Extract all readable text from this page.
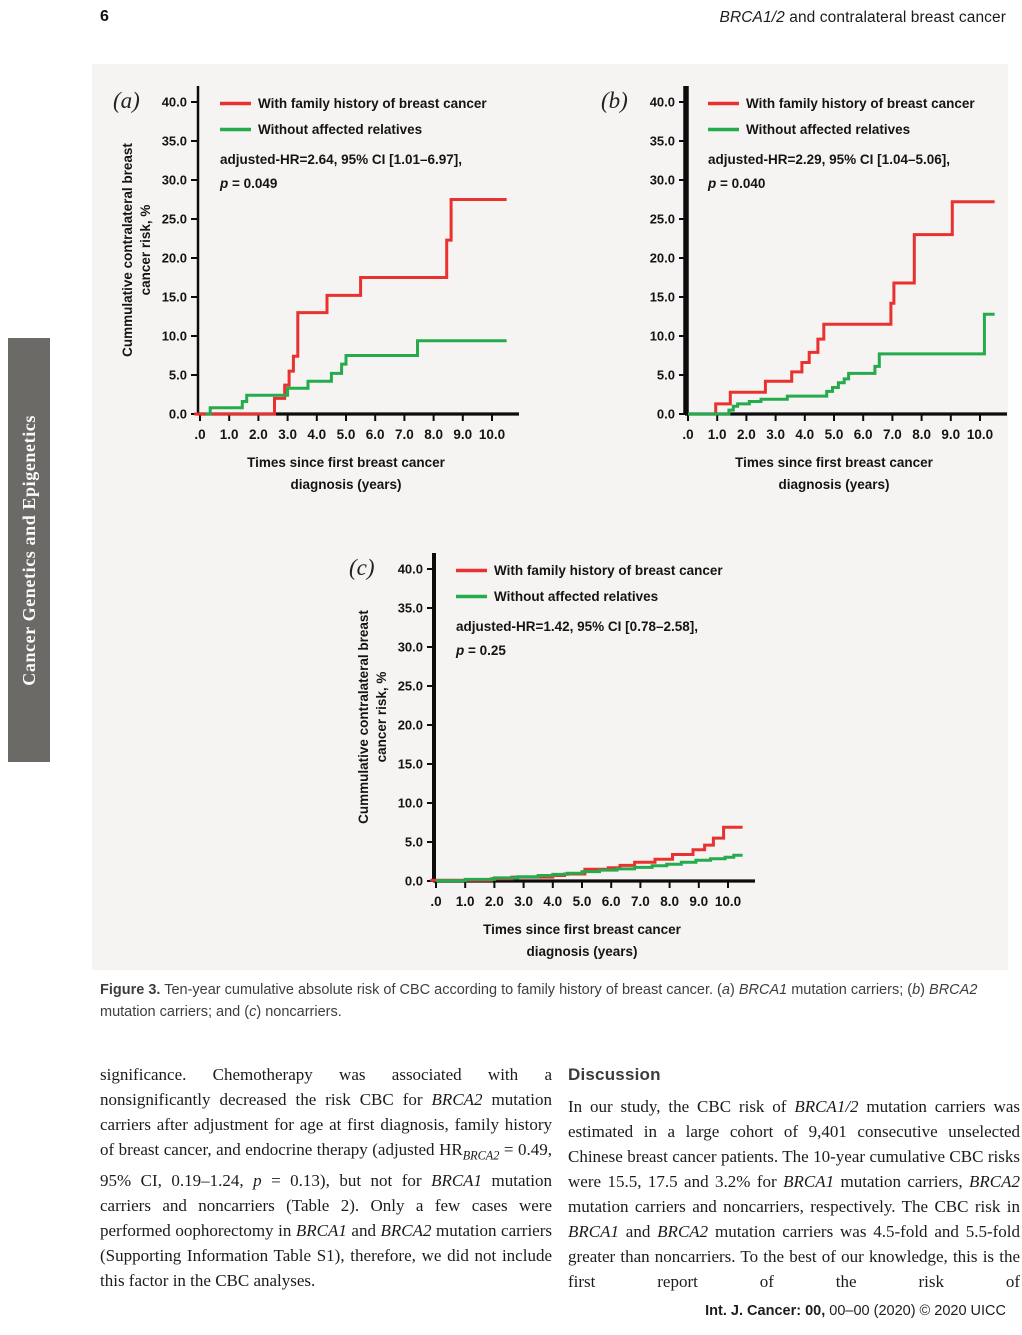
6	BRCA1/2 and contralateral breast cancer
Cancer Genetics and Epigenetics
(a)
0.0
5.0
10.0
15.0
20.0
25.0
30.0
35.0
40.0
.0 1.0 2.0 3.0 4.0 5.0 6.0 7.0 8.0 9.0 10.0
Times since first breast cancer
diagnosis (years)
Cummulative contralateral breast cancer risk, %
With family history of breast cancer
Without affected relatives
adjusted-HR=2.64, 95% CI [1.01–6.97],
p = 0.049
(b)
0.0
5.0
10.0
15.0
20.0
25.0
30.0
35.0
40.0
.0 1.0 2.0 3.0 4.0 5.0 6.0 7.0 8.0 9.0 10.0
Times since first breast cancer
diagnosis (years)
With family history of breast cancer
Without affected relatives
adjusted-HR=2.29, 95% CI [1.04–5.06],
p = 0.040
(c)
0.0
5.0
10.0
15.0
20.0
25.0
30.0
35.0
40.0
.0 1.0 2.0 3.0 4.0 5.0 6.0 7.0 8.0 9.0 10.0
Times since first breast cancer
diagnosis (years)
Cummulative contralateral breast cancer risk, %
With family history of breast cancer
Without affected relatives
adjusted-HR=1.42, 95% CI [0.78–2.58],
p = 0.25
Figure 3. Ten-year cumulative absolute risk of CBC according to family history of breast cancer. (a) BRCA1 mutation carriers; (b) BRCA2 mutation carriers; and (c) noncarriers.

significance. Chemotherapy was associated with a nonsignificantly decreased the risk CBC for BRCA2 mutation carriers after adjustment for age at first diagnosis, family history of breast cancer, and endocrine therapy (adjusted $HR_{BRCA2} = 0.49$, 95% CI, 0.19–1.24, p = 0.13), but not for BRCA1 mutation carriers and noncarriers (Table 2). Only a few cases were performed oophorectomy in BRCA1 and BRCA2 mutation carriers (Supporting Information Table S1), therefore, we did not include this factor in the CBC analyses.

Discussion

In our study, the CBC risk of BRCA1/2 mutation carriers was estimated in a large cohort of 9,401 consecutive unselected Chinese breast cancer patients. The 10-year cumulative CBC risks were 15.5, 17.5 and 3.2% for BRCA1 mutation carriers, BRCA2 mutation carriers and noncarriers, respectively. The CBC risk in BRCA1 and BRCA2 mutation carriers was 4.5-fold and 5.5-fold greater than noncarriers. To the best of our knowledge, this is the first report of the risk of

Int. J. Cancer: 00, 00–00 (2020) © 2020 UICC
